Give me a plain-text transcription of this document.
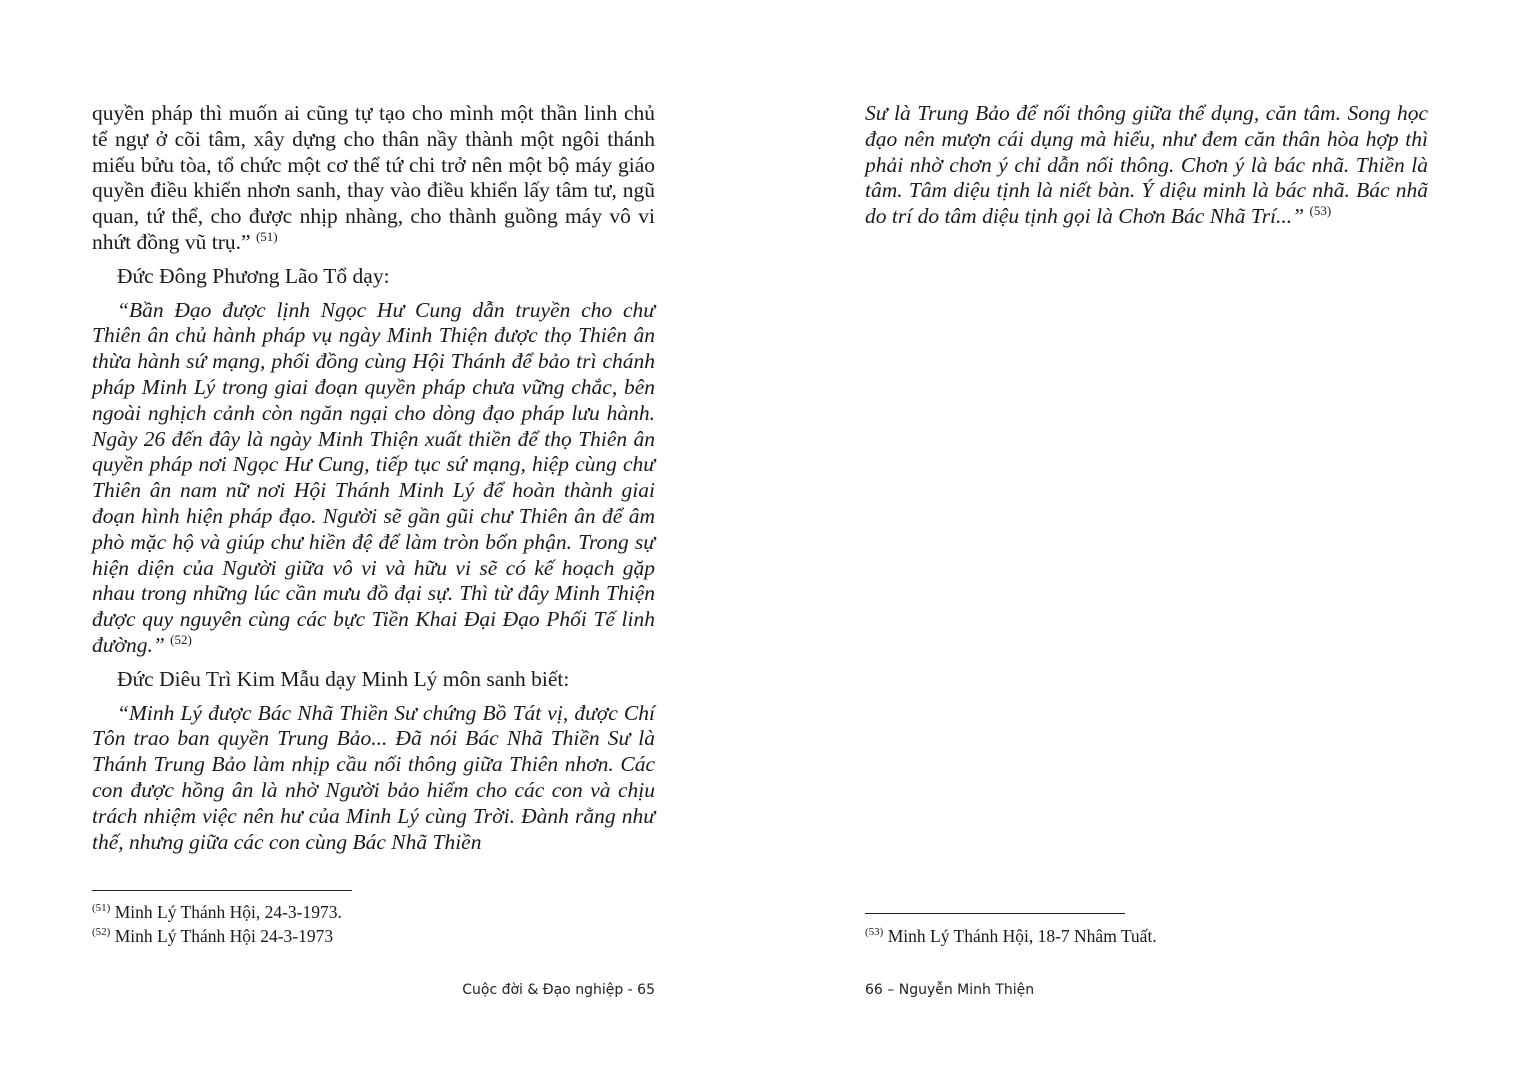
quyền pháp thì muốn ai cũng tự tạo cho mình một thần linh chủ tể ngự ở cõi tâm, xây dựng cho thân nầy thành một ngôi thánh miếu bửu tòa, tổ chức một cơ thể tứ chi trở nên một bộ máy giáo quyền điều khiển nhơn sanh, thay vào điều khiển lấy tâm tư, ngũ quan, tứ thể, cho được nhịp nhàng, cho thành guồng máy vô vi nhứt đồng vũ trụ.” $^{(51)}$

Đức Đông Phương Lão Tổ dạy:

“Bần Đạo được lịnh Ngọc Hư Cung dẫn truyền cho chư Thiên ân chủ hành pháp vụ ngày Minh Thiện được thọ Thiên ân thừa hành sứ mạng, phối đồng cùng Hội Thánh để bảo trì chánh pháp Minh Lý trong giai đoạn quyền pháp chưa vững chắc, bên ngoài nghịch cảnh còn ngăn ngại cho dòng đạo pháp lưu hành. Ngày 26 đến đây là ngày Minh Thiện xuất thiền để thọ Thiên ân quyền pháp nơi Ngọc Hư Cung, tiếp tục sứ mạng, hiệp cùng chư Thiên ân nam nữ nơi Hội Thánh Minh Lý để hoàn thành giai đoạn hình hiện pháp đạo. Người sẽ gần gũi chư Thiên ân để âm phò mặc hộ và giúp chư hiền đệ để làm tròn bổn phận. Trong sự hiện diện của Người giữa vô vi và hữu vi sẽ có kế hoạch gặp nhau trong những lúc cần mưu đồ đại sự. Thì từ đây Minh Thiện được quy nguyên cùng các bực Tiền Khai Đại Đạo Phối Tế linh đường.” $^{(52)}$

Đức Diêu Trì Kim Mẫu dạy Minh Lý môn sanh biết:

“Minh Lý được Bác Nhã Thiền Sư chứng Bồ Tát vị, được Chí Tôn trao ban quyền Trung Bảo... Đã nói Bác Nhã Thiền Sư là Thánh Trung Bảo làm nhịp cầu nối thông giữa Thiên nhơn. Các con được hồng ân là nhờ Người bảo hiểm cho các con và chịu trách nhiệm việc nên hư của Minh Lý cùng Trời. Đành rằng như thế, nhưng giữa các con cùng Bác Nhã Thiền

$^{(51)}$ Minh Lý Thánh Hội, 24-3-1973.
$^{(52)}$ Minh Lý Thánh Hội 24-3-1973
Cuộc đời & Đạo nghiệp - 65

Sư là Trung Bảo để nối thông giữa thể dụng, căn tâm. Song học đạo nên mượn cái dụng mà hiểu, như đem căn thân hòa hợp thì phải nhờ chơn ý chỉ dẫn nối thông. Chơn ý là bác nhã. Thiền là tâm. Tâm diệu tịnh là niết bàn. Ý diệu minh là bác nhã. Bác nhã do trí do tâm diệu tịnh gọi là Chơn Bác Nhã Trí...” $^{(53)}$

$^{(53)}$ Minh Lý Thánh Hội, 18-7 Nhâm Tuất.
66 – Nguyễn Minh Thiện
